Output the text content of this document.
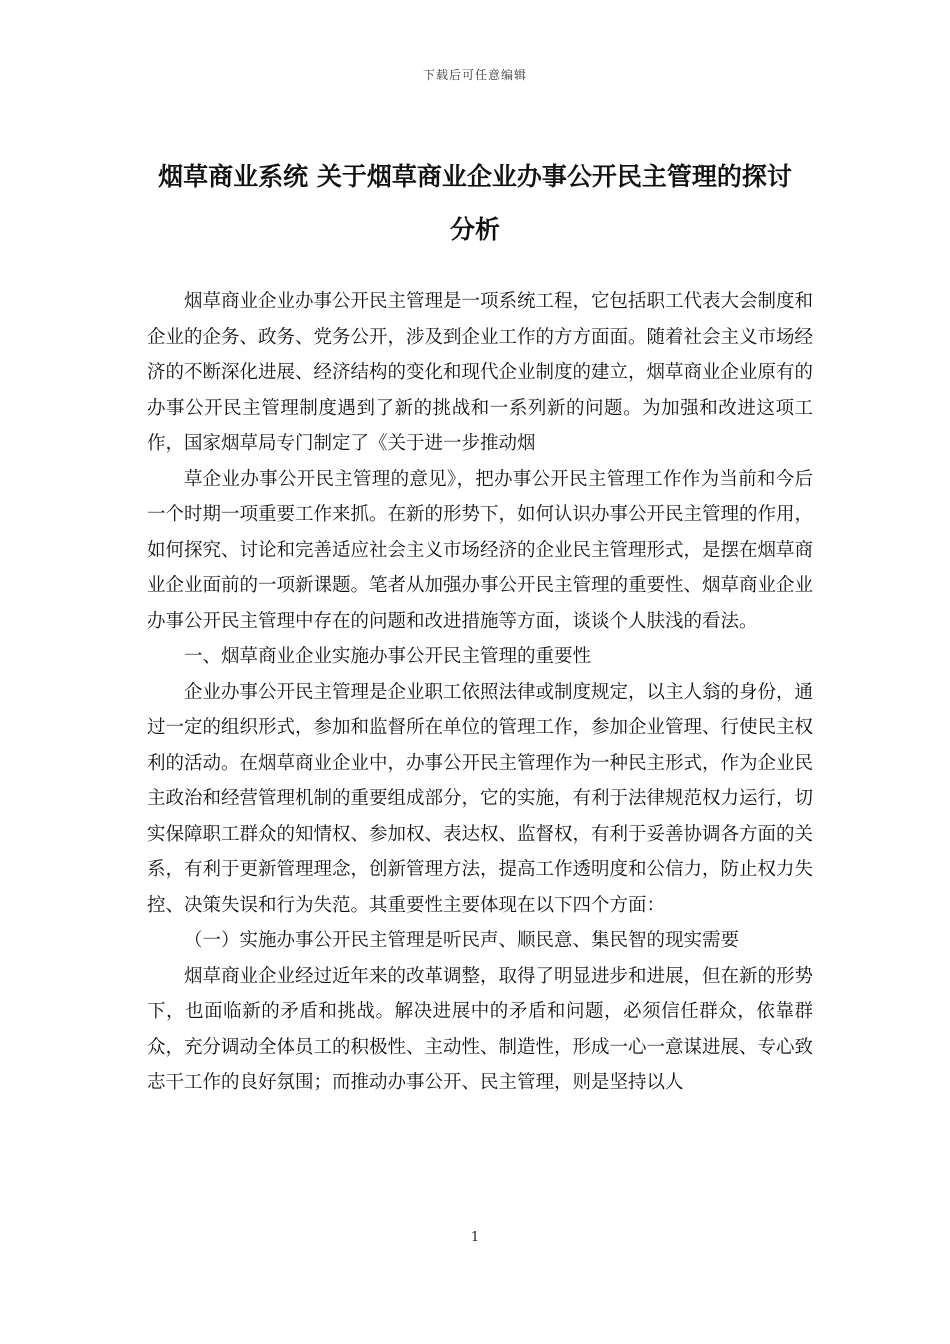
下载后可任意编辑
烟草商业系统 关于烟草商业企业办事公开民主管理的探讨
分析

烟草商业企业办事公开民主管理是一项系统工程，它包括职工代表大会制度和企业的企务、政务、党务公开，涉及到企业工作的方方面面。随着社会主义市场经济的不断深化进展、经济结构的变化和现代企业制度的建立，烟草商业企业原有的办事公开民主管理制度遇到了新的挑战和一系列新的问题。为加强和改进这项工作，国家烟草局专门制定了《关于进一步推动烟

草企业办事公开民主管理的意见》，把办事公开民主管理工作作为当前和今后一个时期一项重要工作来抓。在新的形势下，如何认识办事公开民主管理的作用，如何探究、讨论和完善适应社会主义市场经济的企业民主管理形式，是摆在烟草商业企业面前的一项新课题。笔者从加强办事公开民主管理的重要性、烟草商业企业办事公开民主管理中存在的问题和改进措施等方面，谈谈个人肤浅的看法。

一、烟草商业企业实施办事公开民主管理的重要性

企业办事公开民主管理是企业职工依照法律或制度规定，以主人翁的身份，通过一定的组织形式，参加和监督所在单位的管理工作，参加企业管理、行使民主权利的活动。在烟草商业企业中，办事公开民主管理作为一种民主形式，作为企业民主政治和经营管理机制的重要组成部分，它的实施，有利于法律规范权力运行，切实保障职工群众的知情权、参加权、表达权、监督权，有利于妥善协调各方面的关系，有利于更新管理理念，创新管理方法，提高工作透明度和公信力，防止权力失控、决策失误和行为失范。其重要性主要体现在以下四个方面：

（一）实施办事公开民主管理是听民声、顺民意、集民智的现实需要

烟草商业企业经过近年来的改革调整，取得了明显进步和进展，但在新的形势下，也面临新的矛盾和挑战。解决进展中的矛盾和问题，必须信任群众，依靠群众，充分调动全体员工的积极性、主动性、制造性，形成一心一意谋进展、专心致志干工作的良好氛围；而推动办事公开、民主管理，则是坚持以人

1
